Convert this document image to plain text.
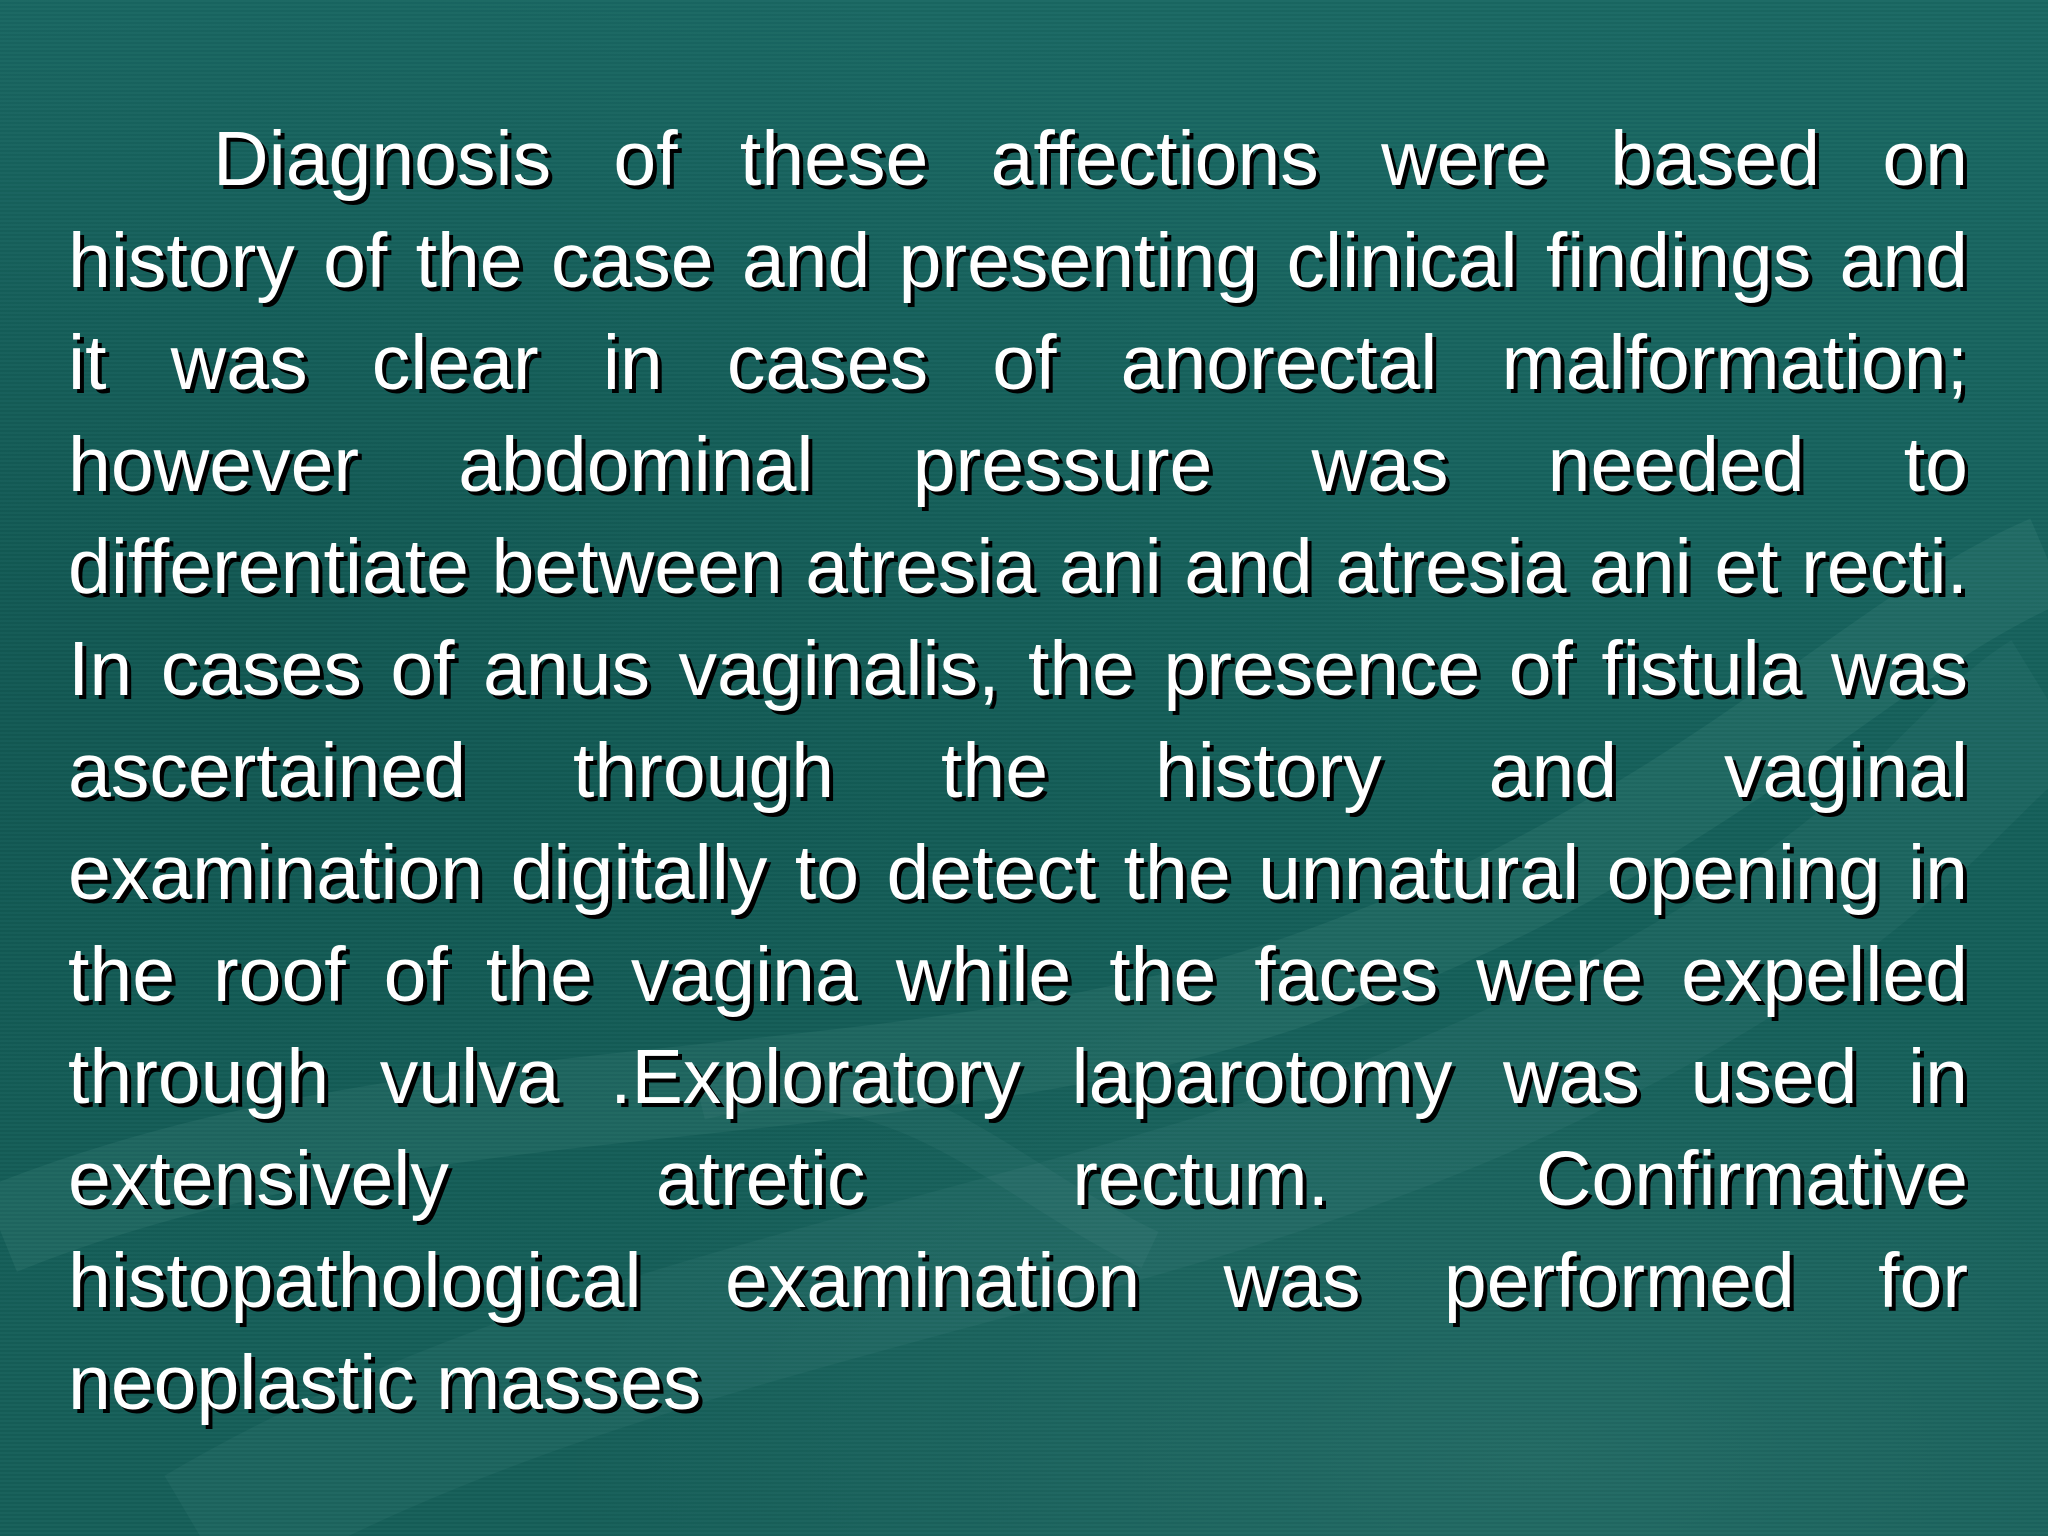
Diagnosis of these affections were based on history of the case and presenting clinical findings and it was clear in cases of anorectal malformation; however abdominal pressure was needed to differentiate between atresia ani and atresia ani et recti. In cases of anus vaginalis, the presence of fistula was ascertained through the history and vaginal examination digitally to detect the unnatural opening in the roof of the vagina while the faces were expelled through vulva .Exploratory laparotomy was used in extensively atretic rectum. Confirmative histopathological examination was performed for neoplastic masses
